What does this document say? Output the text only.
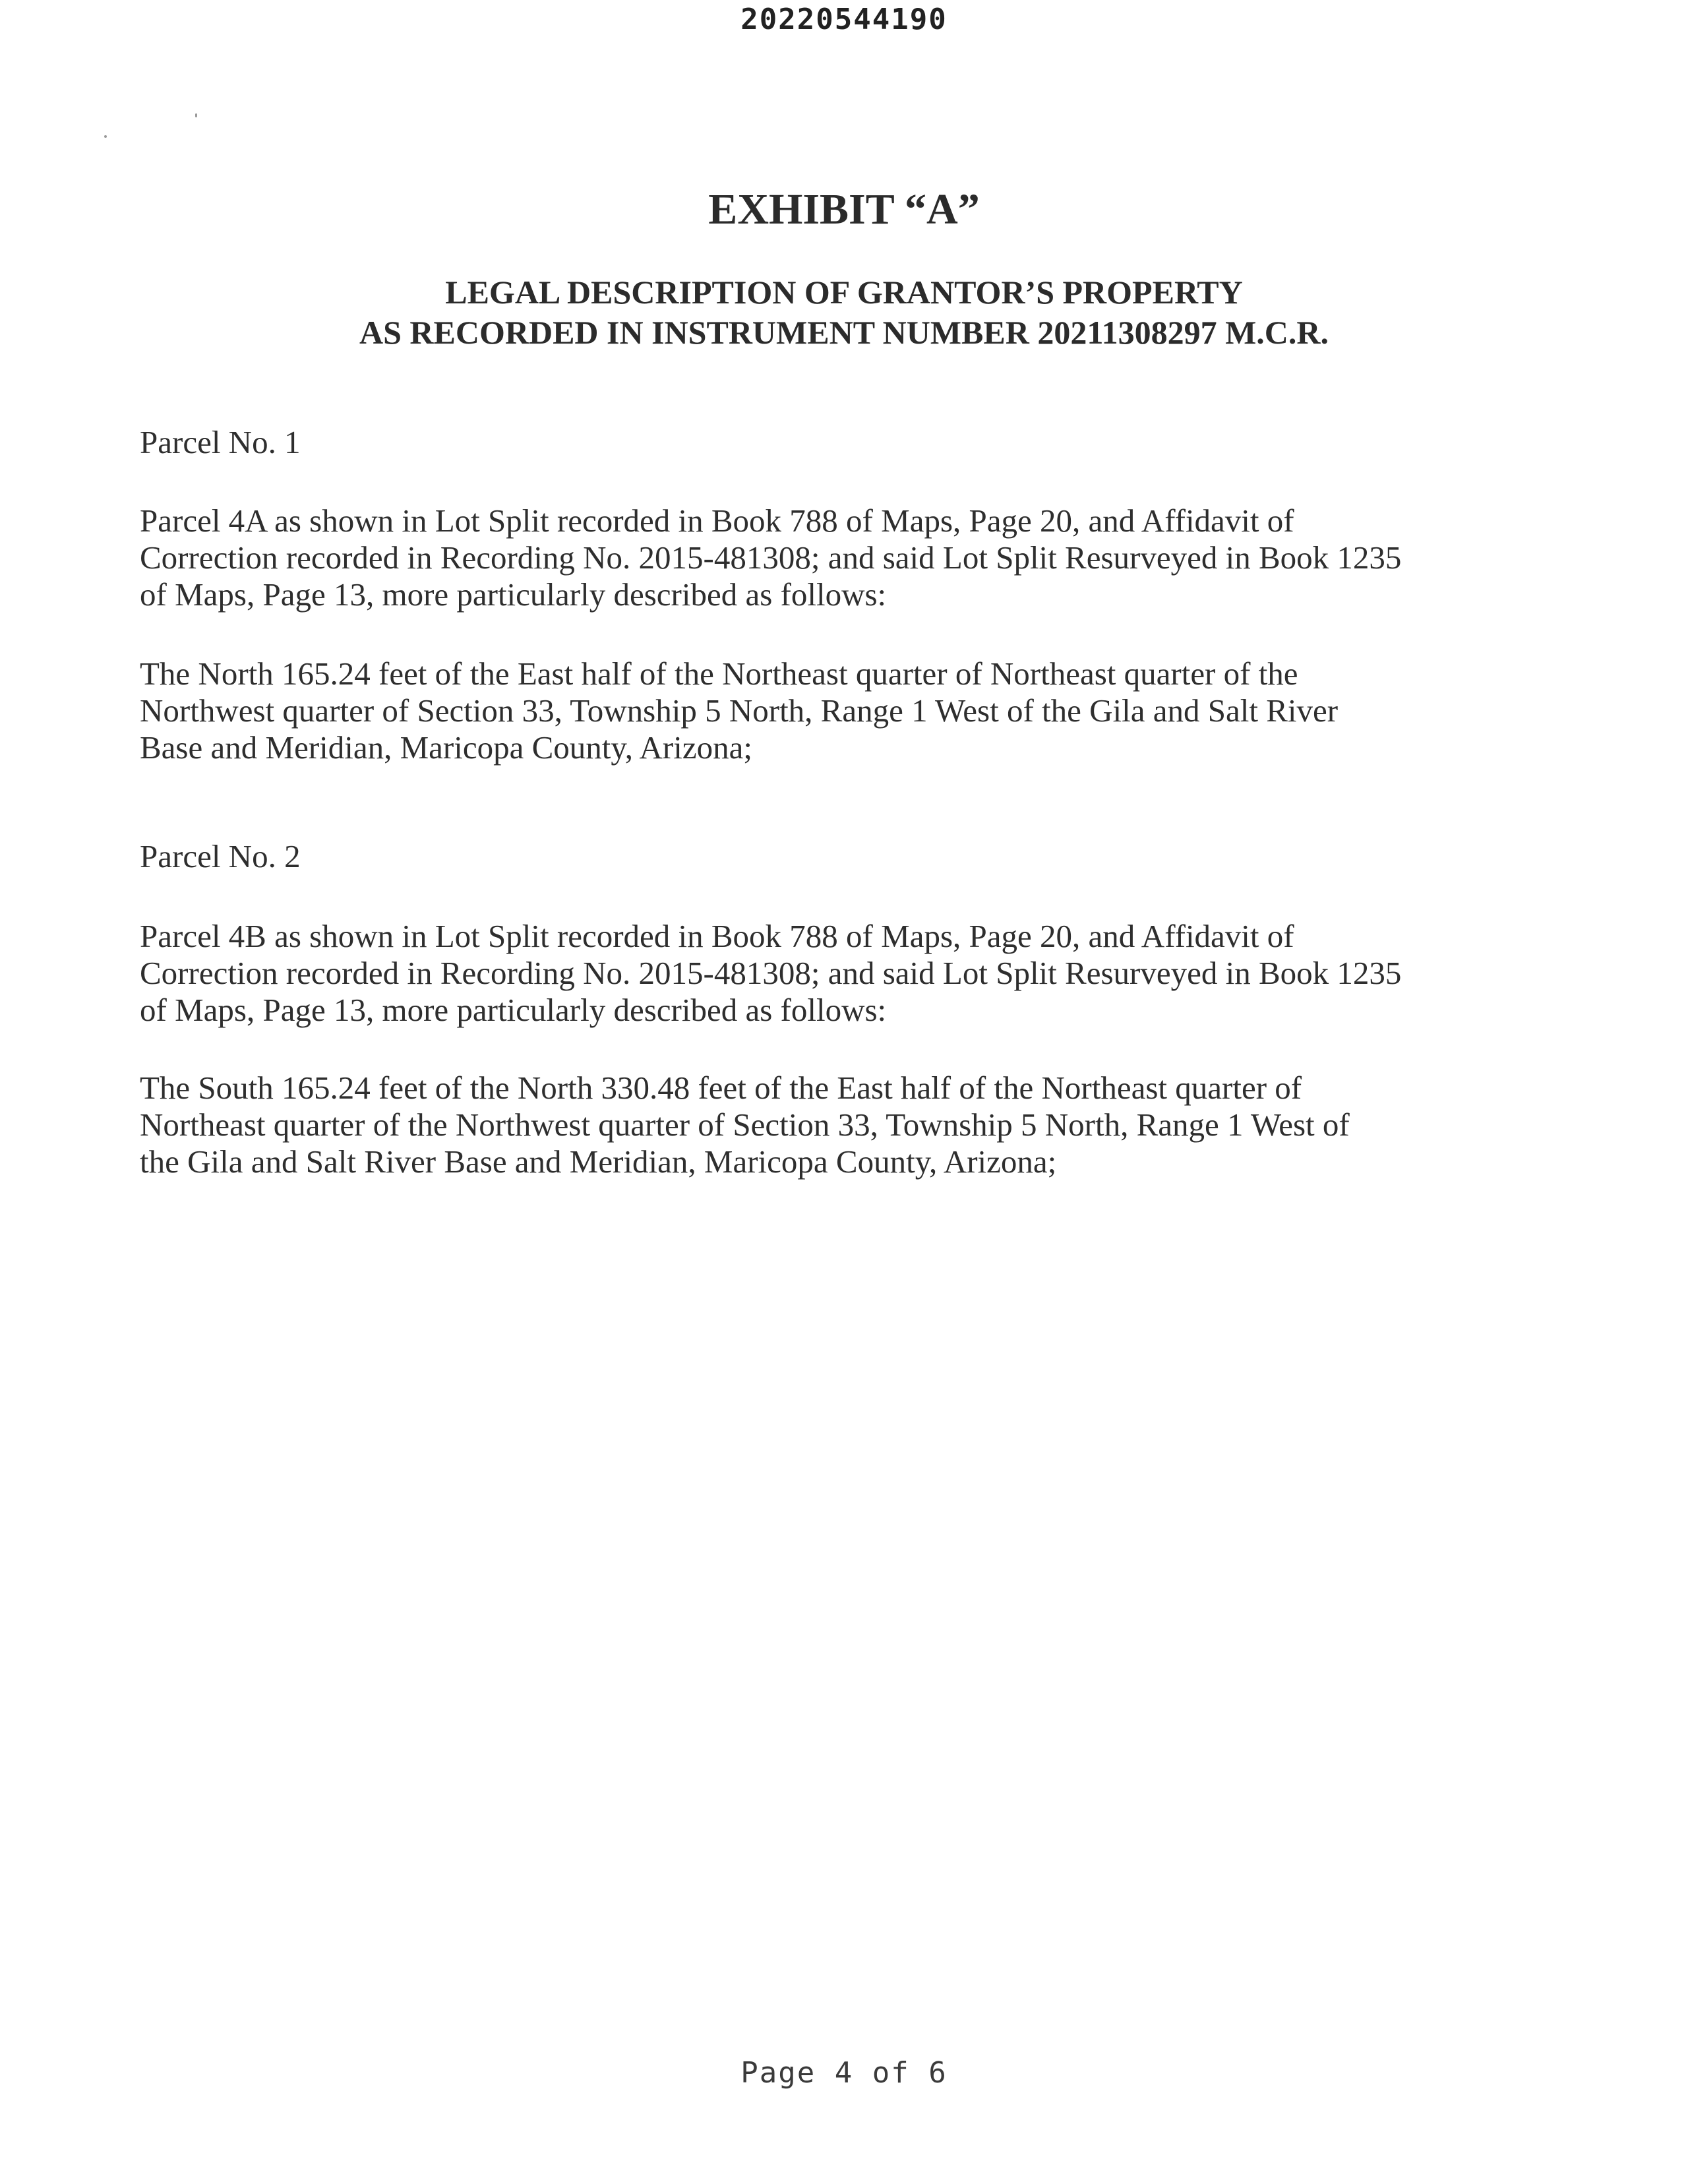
20220544190
EXHIBIT “A”
LEGAL DESCRIPTION OF GRANTOR’S PROPERTY
AS RECORDED IN INSTRUMENT NUMBER 20211308297 M.C.R.
Parcel No. 1
Parcel 4A as shown in Lot Split recorded in Book 788 of Maps, Page 20, and Affidavit of
Correction recorded in Recording No. 2015-481308; and said Lot Split Resurveyed in Book 1235
of Maps, Page 13, more particularly described as follows:
The North 165.24 feet of the East half of the Northeast quarter of Northeast quarter of the
Northwest quarter of Section 33, Township 5 North, Range 1 West of the Gila and Salt River
Base and Meridian, Maricopa County, Arizona;
Parcel No. 2
Parcel 4B as shown in Lot Split recorded in Book 788 of Maps, Page 20, and Affidavit of
Correction recorded in Recording No. 2015-481308; and said Lot Split Resurveyed in Book 1235
of Maps, Page 13, more particularly described as follows:
The South 165.24 feet of the North 330.48 feet of the East half of the Northeast quarter of
Northeast quarter of the Northwest quarter of Section 33, Township 5 North, Range 1 West of
the Gila and Salt River Base and Meridian, Maricopa County, Arizona;
Page 4 of 6
